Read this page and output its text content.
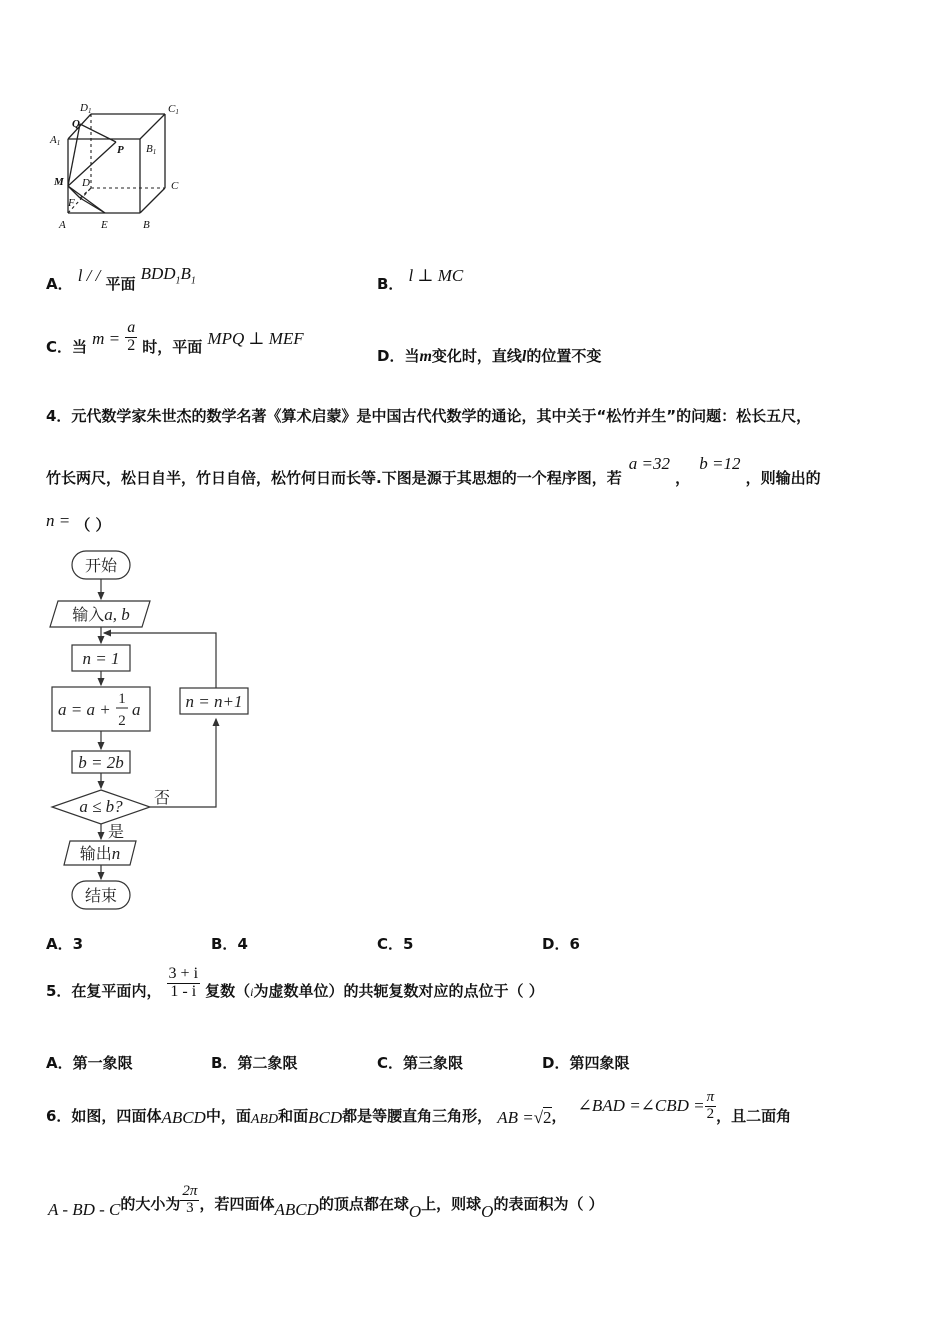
D1	C1
A1
Q
P B1
M D	C
F
A	E	B
A． l / / 平面 $BDD_1B_1$	B． l ⊥ MC
C．当 $m = \frac{a}{2}$ 时，平面 MPQ ⊥ MEF
D．当m变化时，直线l的位置不变
4．元代数学家朱世杰的数学名著《算术启蒙》是中国古代代数学的通论，其中关于“松竹并生”的问题：松长五尺，
竹长两尺，松日自半，竹日自倍，松竹何日而长等.下图是源于其思想的一个程序图，若 a =32 ， b =12 ，则输出的
n = （ ）
开始
输入a, b
n = 1
a = a +
1
2
a
b = 2b
a ≤ b? 否
是
输出n
结束
n = n+1
A．3	B．4	C．5	D．6
5．在复平面内， $\frac{3 + i}{1 - i}$ 复数（$_i$为虚数单位）的共轭复数对应的点位于（ ）
A．第一象限	B．第二象限	C．第三象限	D．第四象限
6．如图，四面体ABCD中，面ABD和面BCD都是等腰直角三角形， AB =√2， ∠BAD =∠CBD = $\frac{\pi}{2}$ ，且二面角
A - BD - C的大小为 $\frac{2\pi}{3}$ ，若四面体ABCD的顶点都在球O上，则球O的表面积为（ ）
